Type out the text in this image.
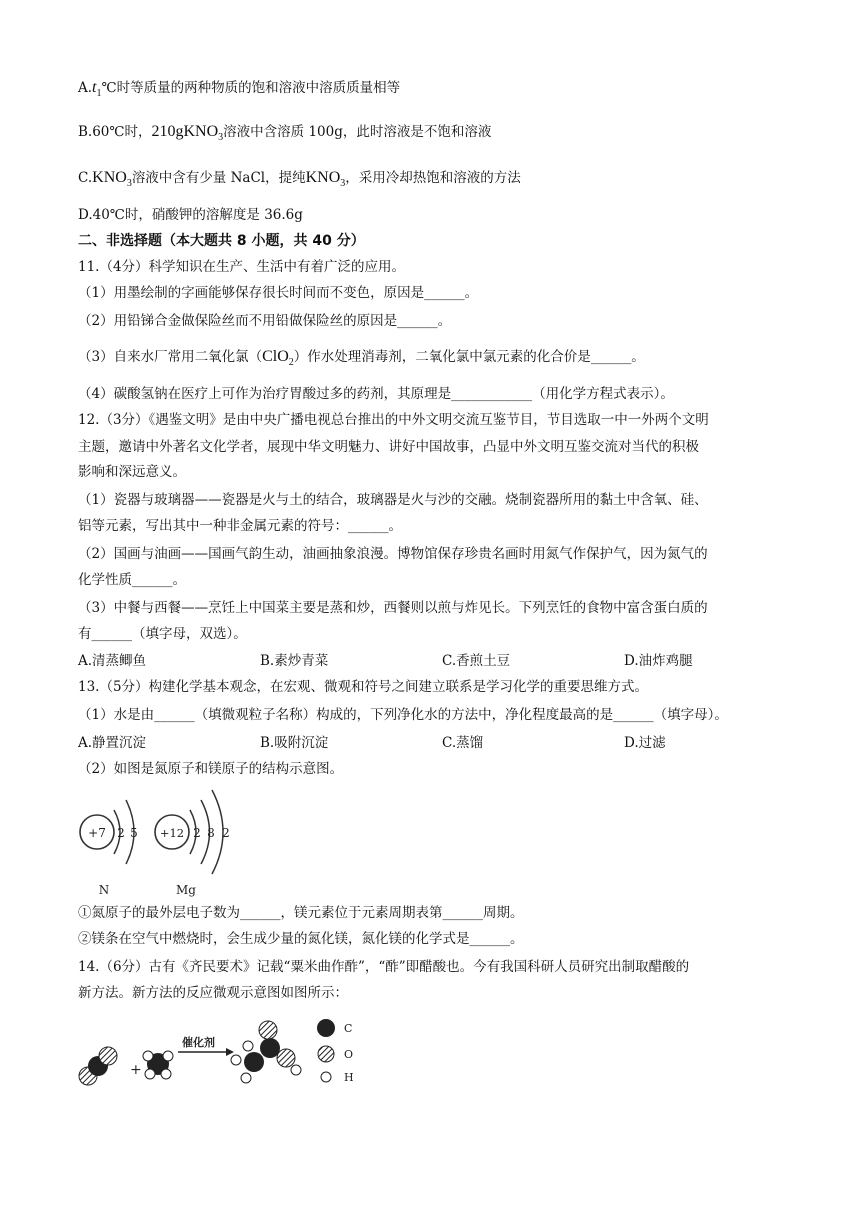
$A.t_1℃$时等质量的两种物质的饱和溶液中溶质质量相等
B.60℃时，210gKNO$_3$溶液中含溶质 100g，此时溶液是不饱和溶液
$C.KNO_3$溶液中含有少量 NaCl，提纯$KNO_3$，采用冷却热饱和溶液的方法
D.40℃时，硝酸钾的溶解度是 36.6g
二、非选择题（本大题共 8 小题，共 40 分）
11.（4分）科学知识在生产、生活中有着广泛的应用。
（1）用墨绘制的字画能够保存很长时间而不变色，原因是______。
（2）用铅锑合金做保险丝而不用铅做保险丝的原因是______。
（3）自来水厂常用二氧化氯（ClO$_2$）作水处理消毒剂，二氧化氯中氯元素的化合价是______。
（4）碳酸氢钠在医疗上可作为治疗胃酸过多的药剂，其原理是____________（用化学方程式表示）。
12.（3分）《遇鉴文明》是由中央广播电视总台推出的中外文明交流互鉴节目，节目选取一中一外两个文明
主题，邀请中外著名文化学者，展现中华文明魅力、讲好中国故事，凸显中外文明互鉴交流对当代的积极
影响和深远意义。
（1）瓷器与玻璃器——瓷器是火与土的结合，玻璃器是火与沙的交融。烧制瓷器所用的黏土中含氧、硅、
铝等元素，写出其中一种非金属元素的符号：______。
（2）国画与油画——国画气韵生动，油画抽象浪漫。博物馆保存珍贵名画时用氮气作保护气，因为氮气的
化学性质______。
（3）中餐与西餐——烹饪上中国菜主要是蒸和炒，西餐则以煎与炸见长。下列烹饪的食物中富含蛋白质的
有______（填字母，双选）。
A.清蒸鲫鱼	B.素炒青菜	C.香煎土豆	D.油炸鸡腿
13.（5分）构建化学基本观念，在宏观、微观和符号之间建立联系是学习化学的重要思维方式。
（1）水是由______（填微观粒子名称）构成的，下列净化水的方法中，净化程度最高的是______（填字母）。
A.静置沉淀	B.吸附沉淀	C.蒸馏	D.过滤
（2）如图是氮原子和镁原子的结构示意图。
+7 2 5
N
+12 2 8 2
Mg
①氮原子的最外层电子数为______，镁元素位于元素周期表第______周期。
②镁条在空气中燃烧时，会生成少量的氮化镁，氮化镁的化学式是______。
14.（6分）古有《齐民要术》记载“粟米曲作酢”，“酢”即醋酸也。今有我国科研人员研究出制取醋酸的
新方法。新方法的反应微观示意图如图所示：
+
催化剂
C
O
H
